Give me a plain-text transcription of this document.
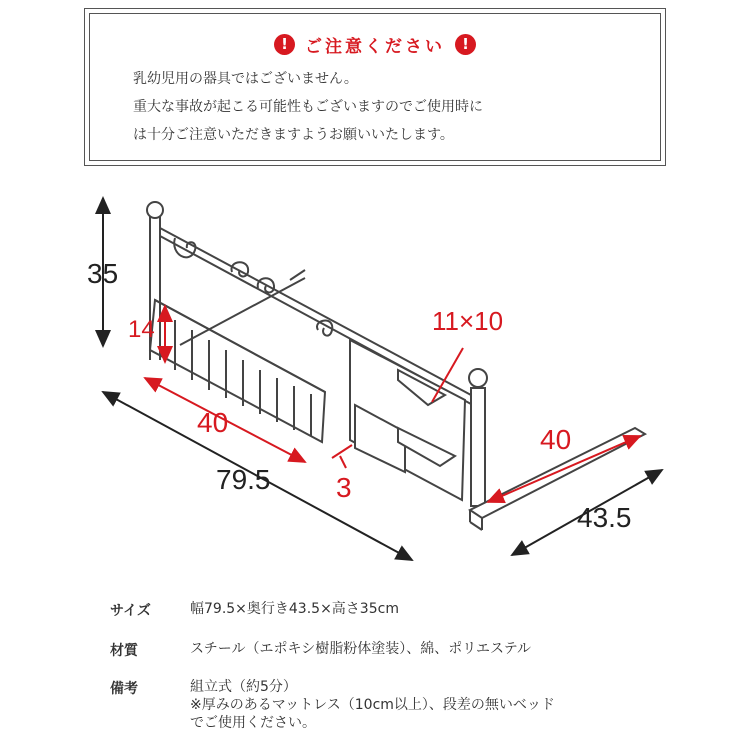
!	ご注意ください	!
乳幼児用の器具ではございません。
重大な事故が起こる可能性もございますのでご使用時に
は十分ご注意いただきますようお願いいたします。
35
14
40
79.5 3
11×10
40
43.5
サイズ	幅79.5×奥行き43.5×高さ35cm
材質	スチール（エポキシ樹脂粉体塗装）、綿、ポリエステル
備考	組立式（約5分）
※厚みのあるマットレス（10cm以上）、段差の無いベッド
でご使用ください。
